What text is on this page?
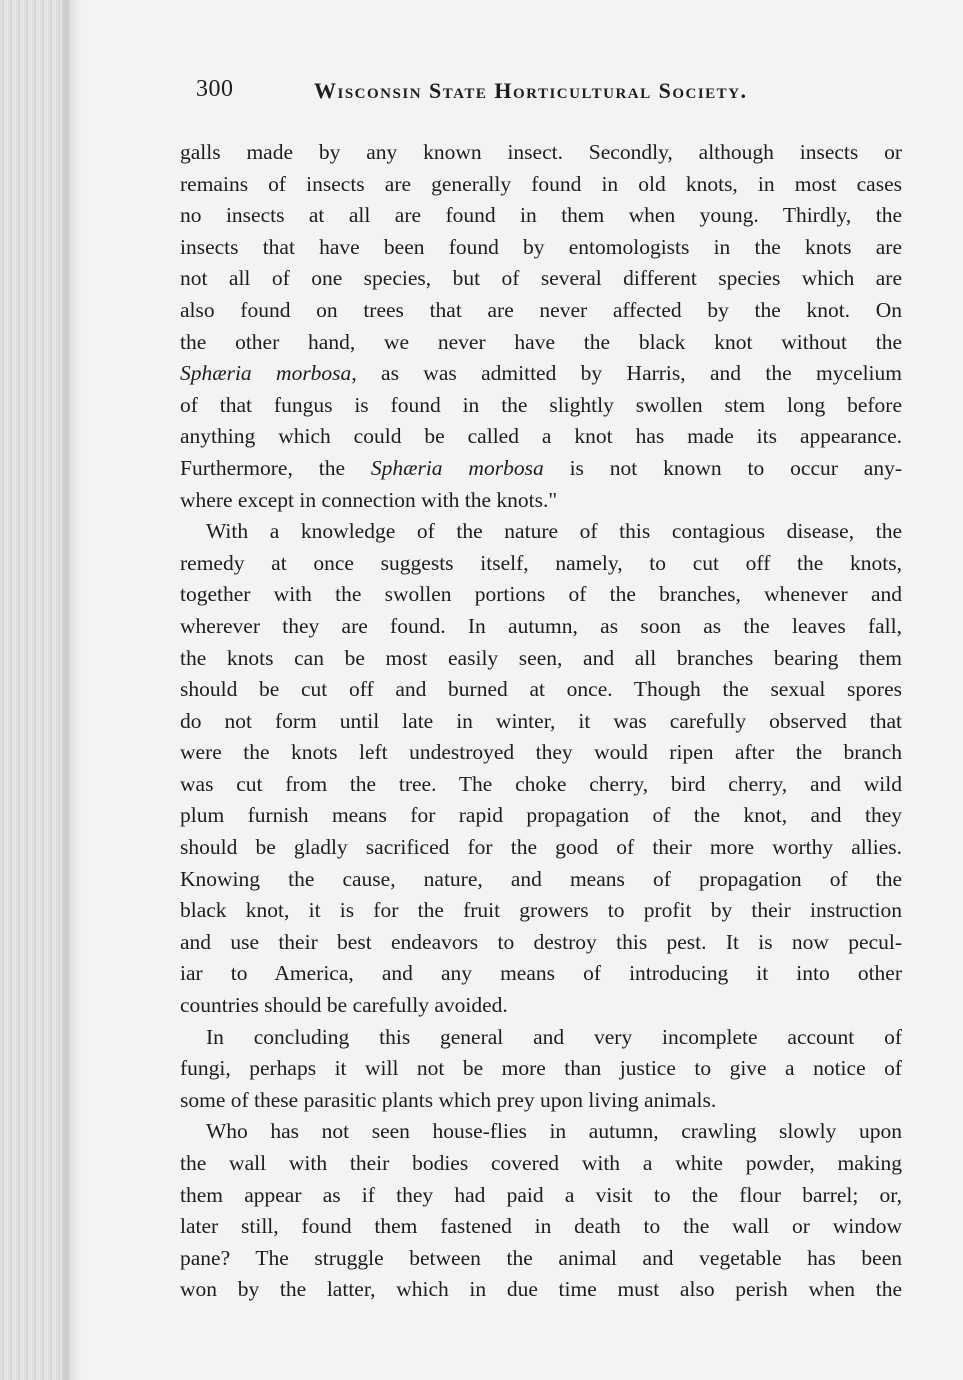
300	Wisconsin State Horticultural Society.
galls made by any known insect. Secondly, although insects or
remains of insects are generally found in old knots, in most cases
no insects at all are found in them when young. Thirdly, the
insects that have been found by entomologists in the knots are
not all of one species, but of several different species which are
also found on trees that are never affected by the knot. On
the other hand, we never have the black knot without the
Sphæria morbosa, as was admitted by Harris, and the mycelium
of that fungus is found in the slightly swollen stem long before
anything which could be called a knot has made its appearance.
Furthermore, the Sphæria morbosa is not known to occur any-
where except in connection with the knots."
With a knowledge of the nature of this contagious disease, the
remedy at once suggests itself, namely, to cut off the knots,
together with the swollen portions of the branches, whenever and
wherever they are found. In autumn, as soon as the leaves fall,
the knots can be most easily seen, and all branches bearing them
should be cut off and burned at once. Though the sexual spores
do not form until late in winter, it was carefully observed that
were the knots left undestroyed they would ripen after the branch
was cut from the tree. The choke cherry, bird cherry, and wild
plum furnish means for rapid propagation of the knot, and they
should be gladly sacrificed for the good of their more worthy allies.
Knowing the cause, nature, and means of propagation of the
black knot, it is for the fruit growers to profit by their instruction
and use their best endeavors to destroy this pest. It is now pecul-
iar to America, and any means of introducing it into other
countries should be carefully avoided.
In concluding this general and very incomplete account of
fungi, perhaps it will not be more than justice to give a notice of
some of these parasitic plants which prey upon living animals.
Who has not seen house-flies in autumn, crawling slowly upon
the wall with their bodies covered with a white powder, making
them appear as if they had paid a visit to the flour barrel; or,
later still, found them fastened in death to the wall or window
pane? The struggle between the animal and vegetable has been
won by the latter, which in due time must also perish when the
